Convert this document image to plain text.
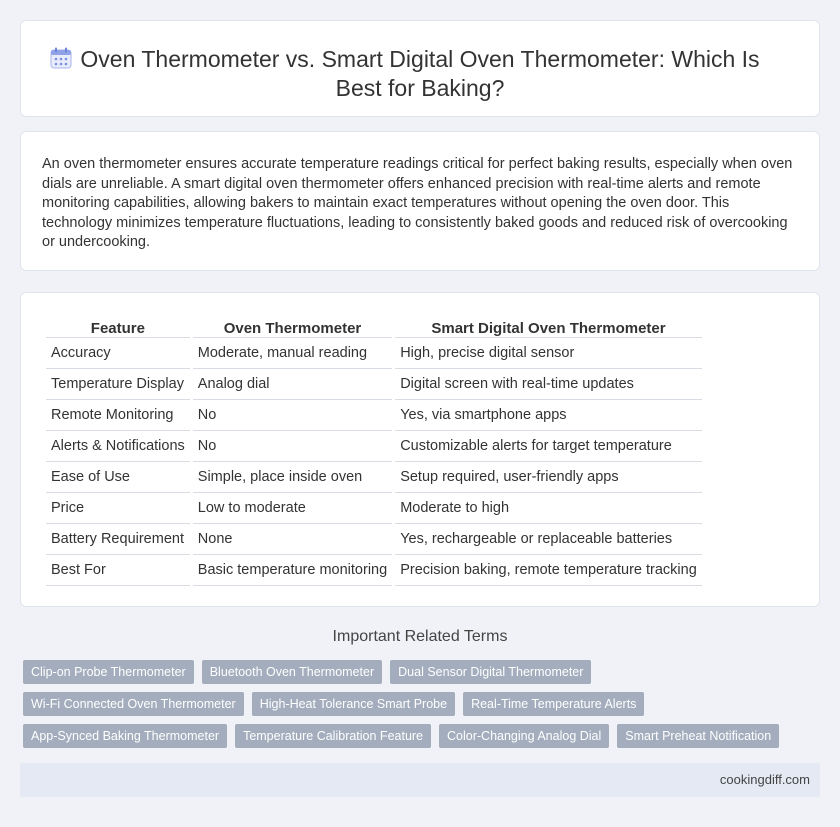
Oven Thermometer vs. Smart Digital Oven Thermometer: Which Is Best for Baking?

An oven thermometer ensures accurate temperature readings critical for perfect baking results, especially when oven dials are unreliable. A smart digital oven thermometer offers enhanced precision with real-time alerts and remote monitoring capabilities, allowing bakers to maintain exact temperatures without opening the oven door. This technology minimizes temperature fluctuations, leading to consistently baked goods and reduced risk of overcooking or undercooking.

Feature	Oven Thermometer	Smart Digital Oven Thermometer
Accuracy	Moderate, manual reading	High, precise digital sensor
Temperature Display	Analog dial	Digital screen with real-time updates
Remote Monitoring	No	Yes, via smartphone apps
Alerts & Notifications	No	Customizable alerts for target temperature
Ease of Use	Simple, place inside oven	Setup required, user-friendly apps
Price	Low to moderate	Moderate to high
Battery Requirement	None	Yes, rechargeable or replaceable batteries
Best For	Basic temperature monitoring	Precision baking, remote temperature tracking
Important Related Terms
Clip-on Probe Thermometer	Bluetooth Oven Thermometer	Dual Sensor Digital Thermometer
Wi-Fi Connected Oven Thermometer	High-Heat Tolerance Smart Probe	Real-Time Temperature Alerts
App-Synced Baking Thermometer	Temperature Calibration Feature	Color-Changing Analog Dial	Smart Preheat Notification
cookingdiff.com
